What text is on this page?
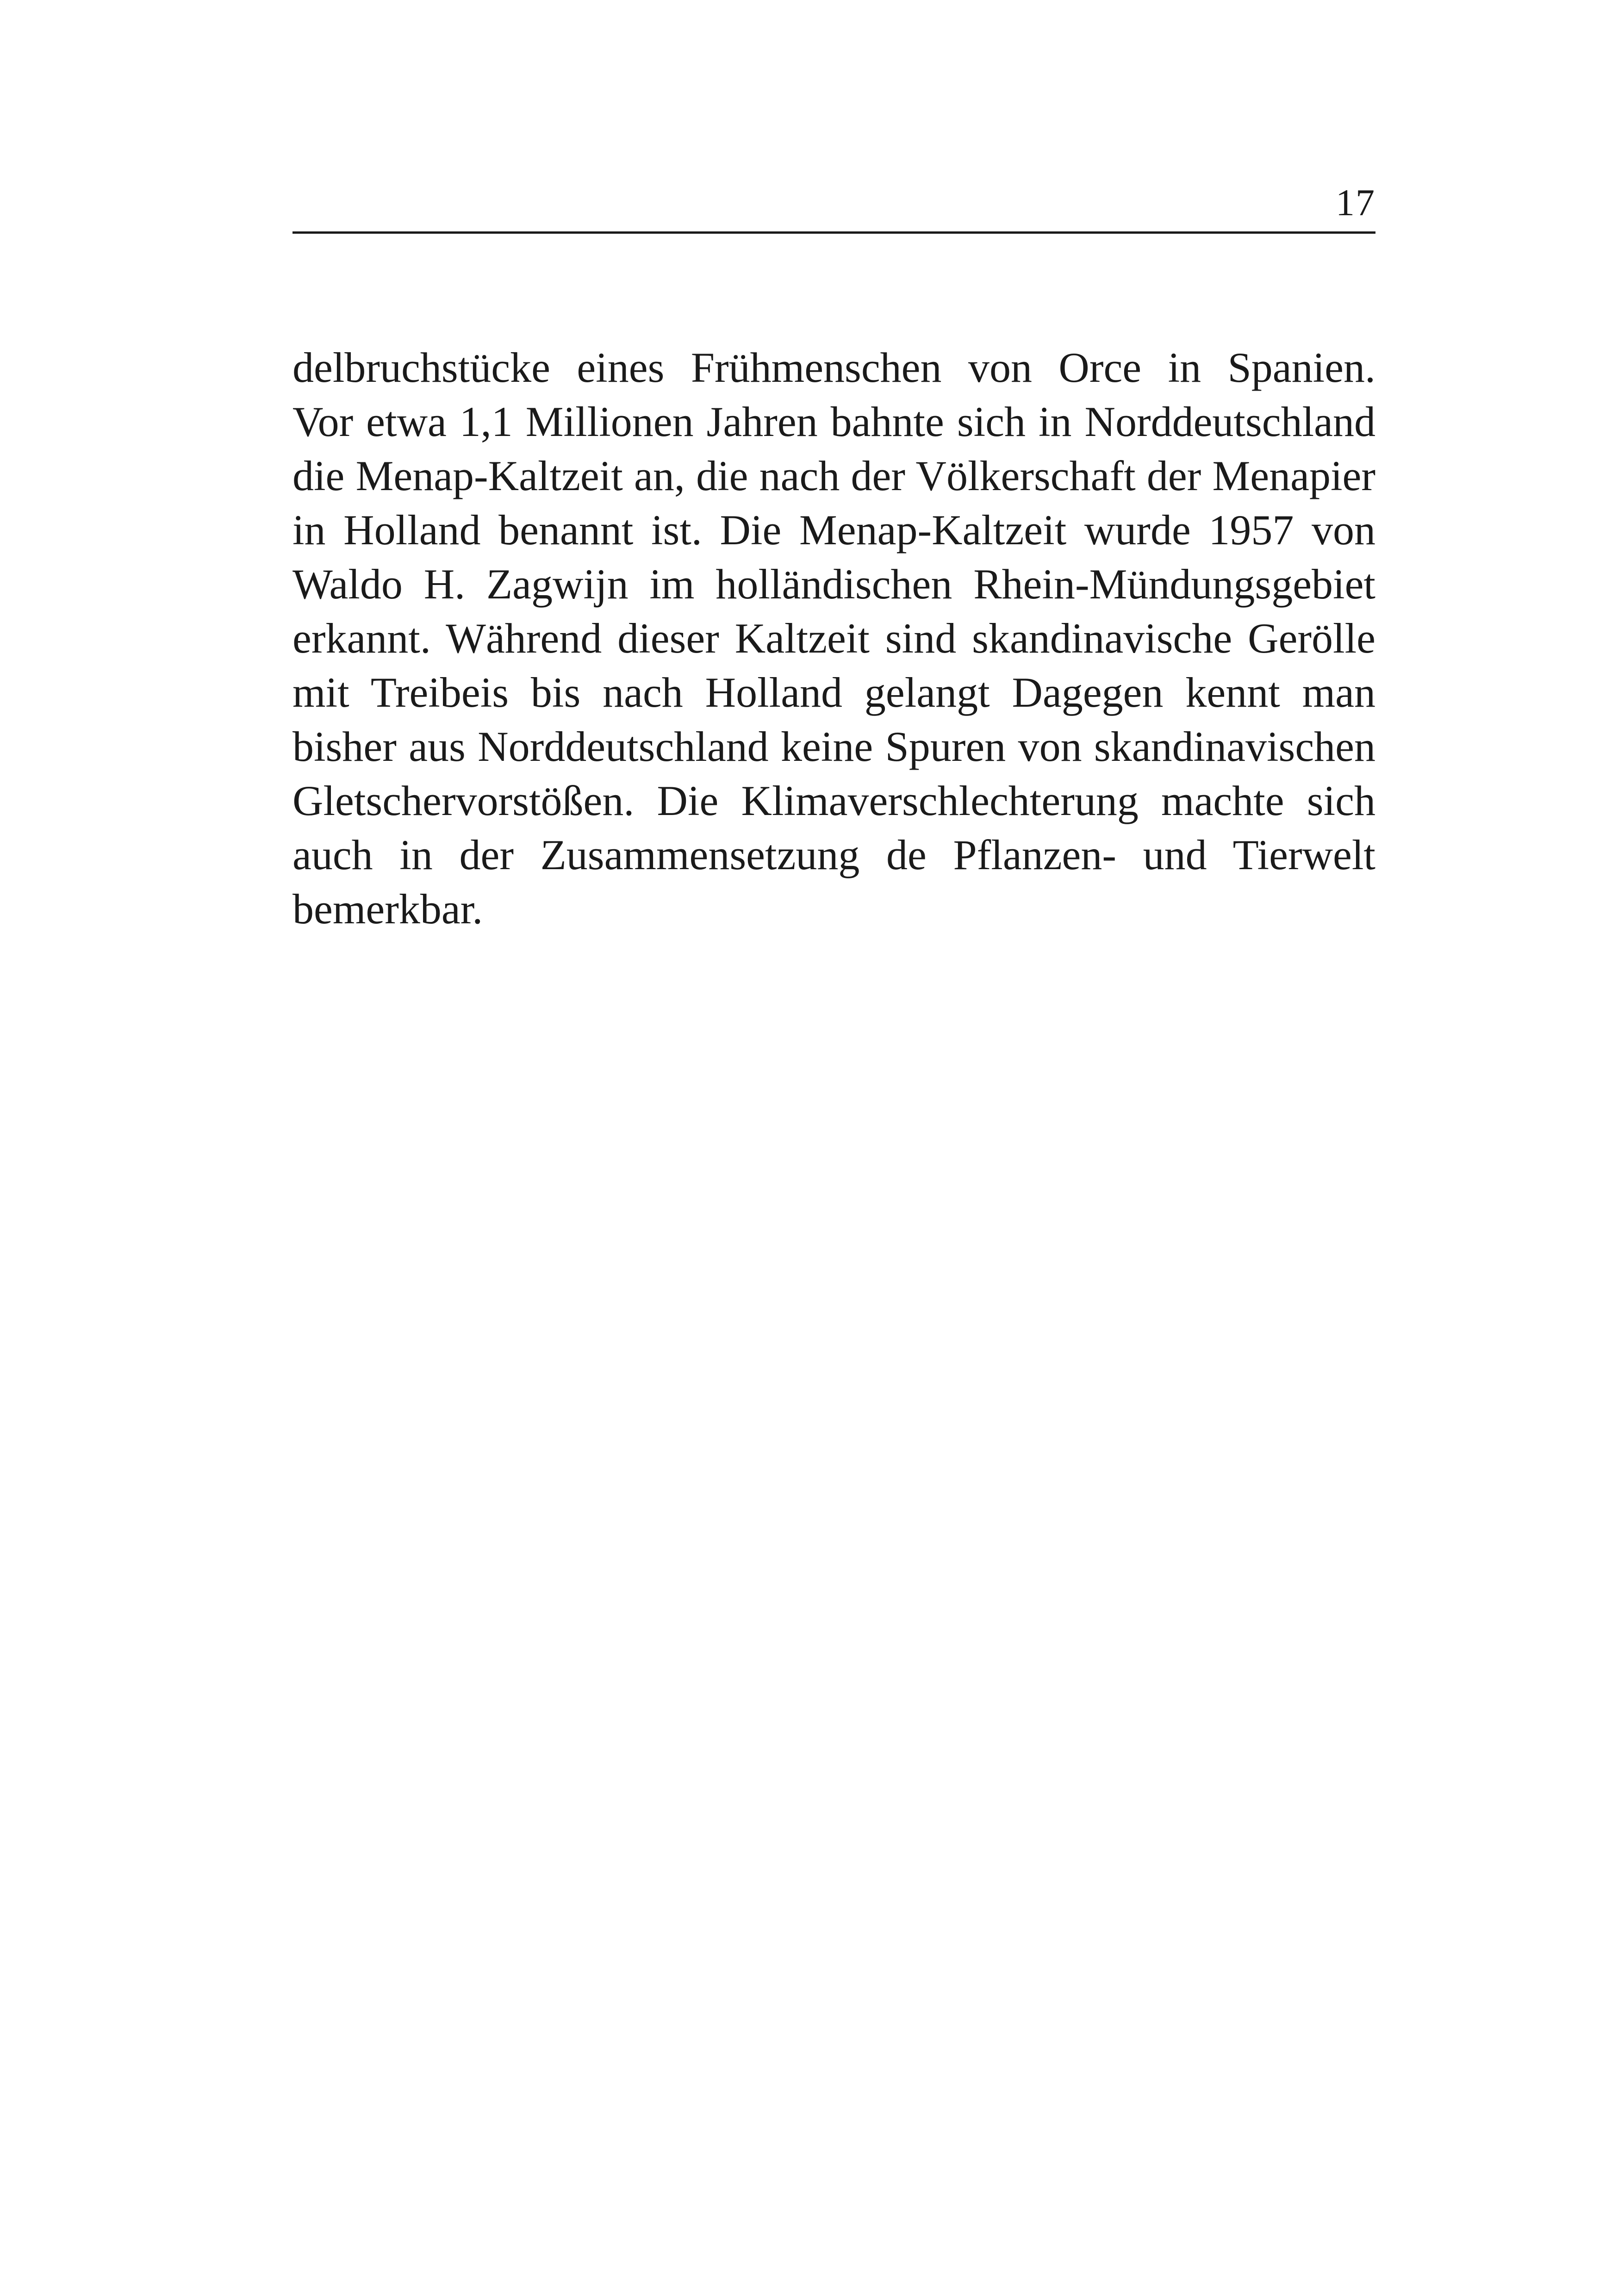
17

delbruchstücke eines Frühmenschen von Orce in Spanien.
Vor etwa 1,1 Millionen Jahren bahnte sich in Norddeutschland
die Menap-Kaltzeit an, die nach der Völkerschaft der Menapier
in Holland benannt ist. Die Menap-Kaltzeit wurde 1957 von
Waldo H. Zagwijn im holländischen Rhein-Mündungsgebiet
erkannt. Während dieser Kaltzeit sind skandinavische Gerölle
mit Treibeis bis nach Holland gelangt Dagegen kennt man
bisher aus Norddeutschland keine Spuren von skandinavischen
Gletschervorstößen. Die Klimaverschlechterung machte sich
auch in der Zusammensetzung de Pflanzen- und Tierwelt
bemerkbar.
